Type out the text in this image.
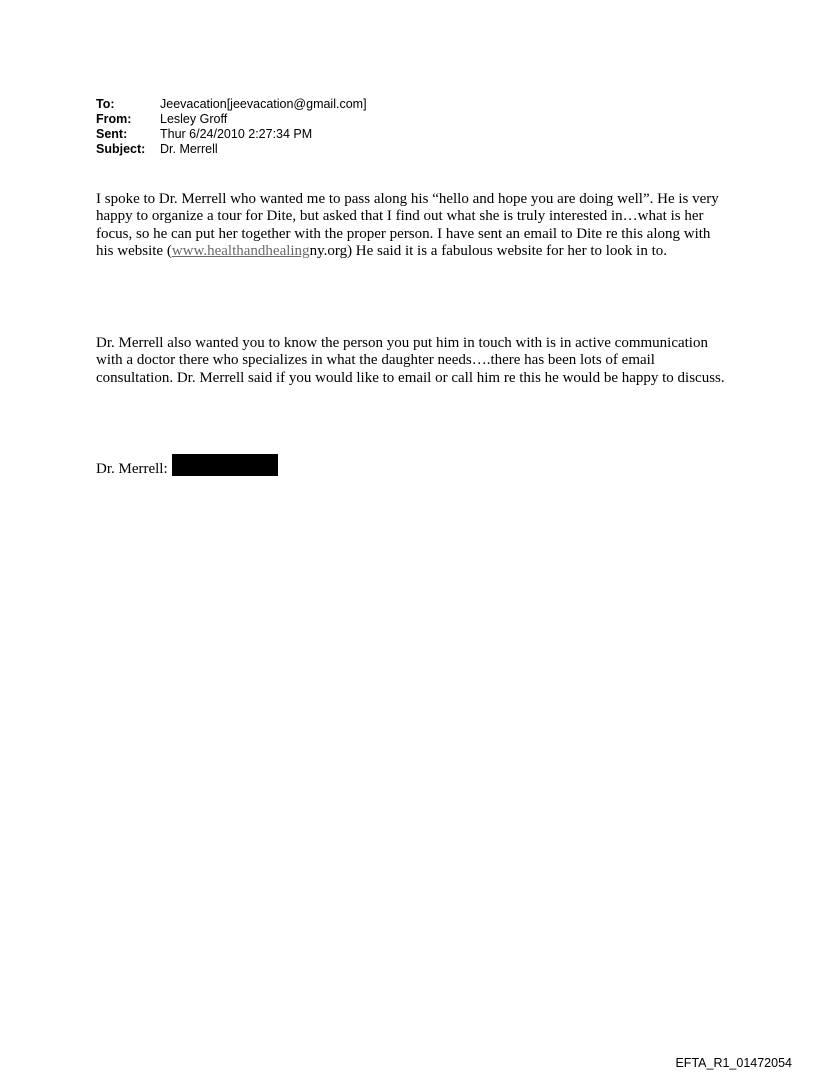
To:	Jeevacation[jeevacation@gmail.com]
From:	Lesley Groff
Sent:	Thur 6/24/2010 2:27:34 PM
Subject:	Dr. Merrell

I spoke to Dr. Merrell who wanted me to pass along his “hello and hope you are doing well”. He is very happy to organize a tour for Dite, but asked that I find out what she is truly interested in…what is her focus, so he can put her together with the proper person. I have sent an email to Dite re this along with his website (www.healthandhealingny.org) He said it is a fabulous website for her to look in to.

Dr. Merrell also wanted you to know the person you put him in touch with is in active communication with a doctor there who specializes in what the daughter needs….there has been lots of email consultation. Dr. Merrell said if you would like to email or call him re this he would be happy to discuss.

Dr. Merrell:
EFTA_R1_01472054
